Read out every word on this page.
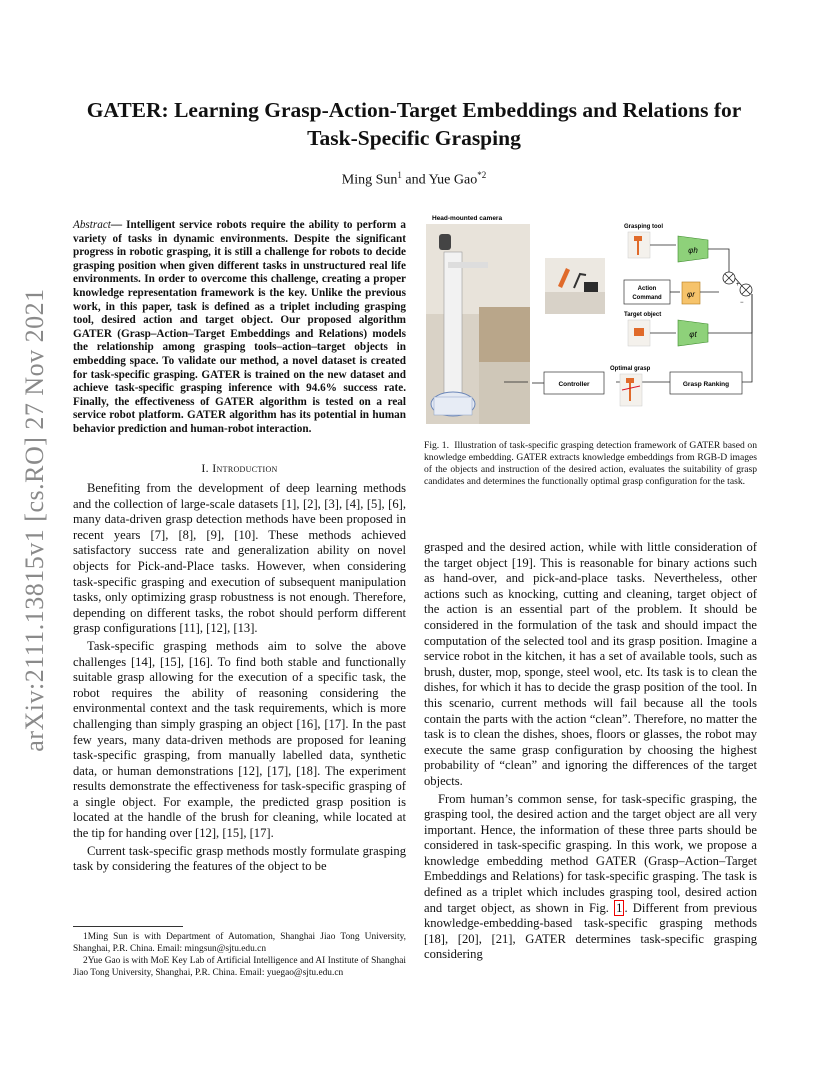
arXiv:2111.13815v1 [cs.RO] 27 Nov 2021
GATER: Learning Grasp-Action-Target Embeddings and Relations for
Task-Specific Grasping
Ming Sun$^1$ and Yue Gao$^{*2}$
Abstract— Intelligent service robots require the ability to perform a variety of tasks in dynamic environments. Despite the significant progress in robotic grasping, it is still a challenge for robots to decide grasping position when given different tasks in unstructured real life environments. In order to overcome this challenge, creating a proper knowledge representation framework is the key. Unlike the previous work, in this paper, task is defined as a triplet including grasping tool, desired action and target object. Our proposed algorithm GATER (Grasp–Action–Target Embeddings and Relations) models the relationship among grasping tools–action–target objects in embedding space. To validate our method, a novel dataset is created for task-specific grasping. GATER is trained on the new dataset and achieve task-specific grasping inference with 94.6% success rate. Finally, the effectiveness of GATER algorithm is tested on a real service robot platform. GATER algorithm has its potential in human behavior prediction and human-robot interaction.
I. Introduction

Benefiting from the development of deep learning methods and the collection of large-scale datasets [1], [2], [3], [4], [5], [6], many data-driven grasp detection methods have been proposed in recent years [7], [8], [9], [10]. These methods achieved satisfactory success rate and generalization ability on novel objects for Pick-and-Place tasks. However, when considering task-specific grasping and execution of subsequent manipulation tasks, only optimizing grasp robustness is not enough. Therefore, depending on different tasks, the robot should perform different grasp configurations [11], [12], [13].

Task-specific grasping methods aim to solve the above challenges [14], [15], [16]. To find both stable and functionally suitable grasp allowing for the execution of a specific task, the robot requires the ability of reasoning considering the environmental context and the task requirements, which is more challenging than simply grasping an object [16], [17]. In the past few years, many data-driven methods are proposed for leaning task-specific grasping, from manually labelled data, synthetic data, or human demonstrations [12], [17], [18]. The experiment results demonstrate the effectiveness for task-specific grasping of a single object. For example, the predicted grasp position is located at the handle of the brush for cleaning, while located at the tip for handing over [12], [15], [17].

Current task-specific grasp methods mostly formulate grasping task by considering the features of the object to be

1Ming Sun is with Department of Automation, Shanghai Jiao Tong University, Shanghai, P.R. China. Email: mingsun@sjtu.edu.cn

2Yue Gao is with MoE Key Lab of Artificial Intelligence and AI Institute of Shanghai Jiao Tong University, Shanghai, P.R. China. Email: yuegao@sjtu.edu.cn

Head-mounted camera
Grasping tool
Action
Command
Target object
φh
φr
φt
+
−
Optimal grasp
Controller	Grasp Ranking
Fig. 1.  Illustration of task-specific grasping detection framework of GATER based on knowledge embedding. GATER extracts knowledge embeddings from RGB-D images of the objects and instruction of the desired action, evaluates the suitability of grasp candidates and determines the functionally optimal grasp configuration for the task.

grasped and the desired action, while with little consideration of the target object [19]. This is reasonable for binary actions such as hand-over, and pick-and-place tasks. Nevertheless, other actions such as knocking, cutting and cleaning, target object of the action is an essential part of the problem. It should be considered in the formulation of the task and should impact the computation of the selected tool and its grasp position. Imagine a service robot in the kitchen, it has a set of available tools, such as brush, duster, mop, sponge, steel wool, etc. Its task is to clean the dishes, for which it has to decide the grasp position of the tool. In this scenario, current methods will fail because all the tools contain the parts with the action “clean”. Therefore, no matter the task is to clean the dishes, shoes, floors or glasses, the robot may execute the same grasp configuration by choosing the highest probability of “clean” and ignoring the differences of the target objects.

From human’s common sense, for task-specific grasping, the grasping tool, the desired action and the target object are all very important. Hence, the information of these three parts should be considered in task-specific grasping. In this work, we propose a knowledge embedding method GATER (Grasp–Action–Target Embeddings and Relations) for task-specific grasping. The task is defined as a triplet which includes grasping tool, desired action and target object, as shown in Fig. 1 . Different from previous knowledge-embedding-based task-specific grasping methods [18], [20], [21], GATER determines task-specific grasping considering
